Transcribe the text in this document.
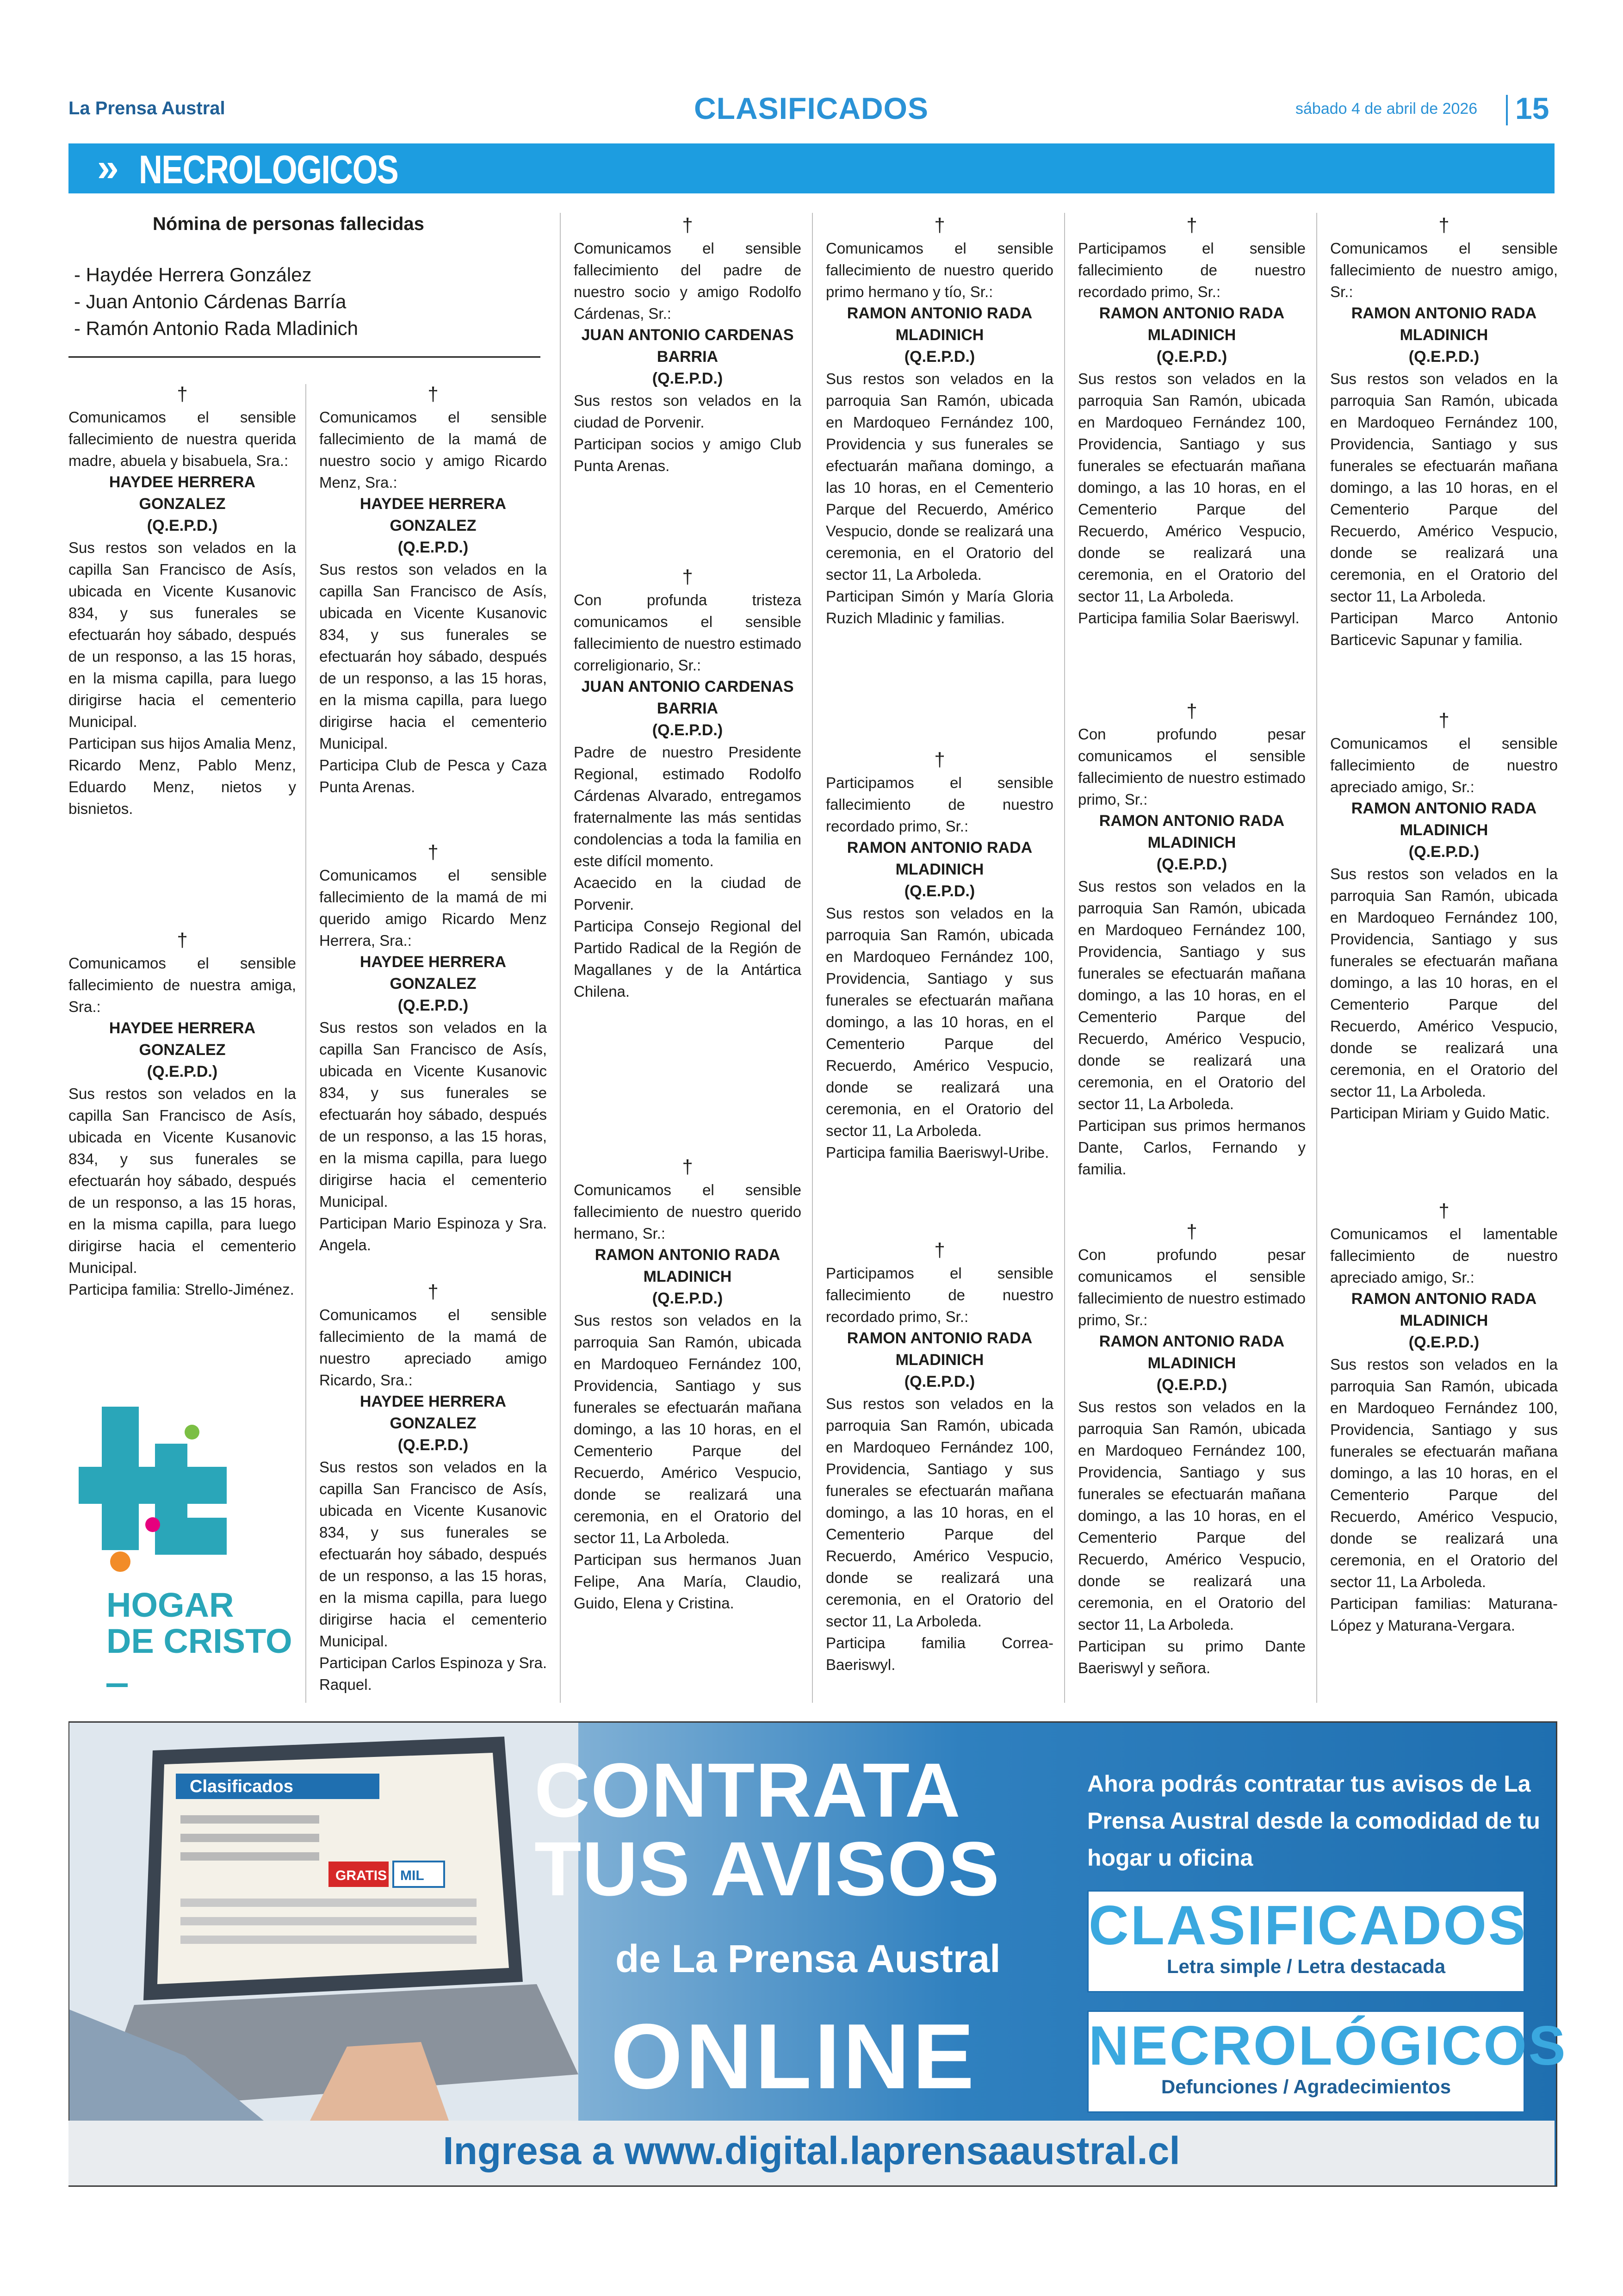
La Prensa Austral	CLASIFICADOS	sábado 4 de abril de 2026 15
» NECROLOGICOS
Nómina de personas fallecidas
- Haydée Herrera González
- Juan Antonio Cárdenas Barría
- Ramón Antonio Rada Mladinich
†

Comunicamos el sensible fallecimiento de nuestra querida madre, abuela y bisabuela, Sra.:

HAYDEE HERRERA GONZALEZ
(Q.E.P.D.)

Sus restos son velados en la capilla San Francisco de Asís, ubicada en Vicente Kusanovic 834, y sus funerales se efectuarán hoy sábado, después de un responso, a las 15 horas, en la misma capilla, para luego dirigirse hacia el cementerio Municipal.

Participan sus hijos Amalia Menz, Ricardo Menz, Pablo Menz, Eduardo Menz, nietos y bisnietos.

†

Comunicamos el sensible fallecimiento de nuestra amiga, Sra.:

HAYDEE HERRERA GONZALEZ
(Q.E.P.D.)

Sus restos son velados en la capilla San Francisco de Asís, ubicada en Vicente Kusanovic 834, y sus funerales se efectuarán hoy sábado, después de un responso, a las 15 horas, en la misma capilla, para luego dirigirse hacia el cementerio Municipal.

Participa familia: Strello-Jiménez.

HOGAR
DE CRISTO
†

Comunicamos el sensible fallecimiento de la mamá de nuestro socio y amigo Ricardo Menz, Sra.:

HAYDEE HERRERA GONZALEZ
(Q.E.P.D.)

Sus restos son velados en la capilla San Francisco de Asís, ubicada en Vicente Kusanovic 834, y sus funerales se efectuarán hoy sábado, después de un responso, a las 15 horas, en la misma capilla, para luego dirigirse hacia el cementerio Municipal.

Participa Club de Pesca y Caza Punta Arenas.

†

Comunicamos el sensible fallecimiento de la mamá de mi querido amigo Ricardo Menz Herrera, Sra.:

HAYDEE HERRERA GONZALEZ
(Q.E.P.D.)

Sus restos son velados en la capilla San Francisco de Asís, ubicada en Vicente Kusanovic 834, y sus funerales se efectuarán hoy sábado, después de un responso, a las 15 horas, en la misma capilla, para luego dirigirse hacia el cementerio Municipal.

Participan Mario Espinoza y Sra. Angela.

†

Comunicamos el sensible fallecimiento de la mamá de nuestro apreciado amigo Ricardo, Sra.:

HAYDEE HERRERA GONZALEZ
(Q.E.P.D.)

Sus restos son velados en la capilla San Francisco de Asís, ubicada en Vicente Kusanovic 834, y sus funerales se efectuarán hoy sábado, después de un responso, a las 15 horas, en la misma capilla, para luego dirigirse hacia el cementerio Municipal.

Participan Carlos Espinoza y Sra. Raquel.

†

Comunicamos el sensible fallecimiento del padre de nuestro socio y amigo Rodolfo Cárdenas, Sr.:

JUAN ANTONIO CARDENAS BARRIA
(Q.E.P.D.)

Sus restos son velados en la ciudad de Porvenir.

Participan socios y amigo Club Punta Arenas.

†

Con profunda tristeza comunicamos el sensible fallecimiento de nuestro estimado correligionario, Sr.:

JUAN ANTONIO CARDENAS BARRIA
(Q.E.P.D.)

Padre de nuestro Presidente Regional, estimado Rodolfo Cárdenas Alvarado, entregamos fraternalmente las más sentidas condolencias a toda la familia en este difícil momento.

Acaecido en la ciudad de Porvenir.

Participa Consejo Regional del Partido Radical de la Región de Magallanes y de la Antártica Chilena.

†

Comunicamos el sensible fallecimiento de nuestro querido hermano, Sr.:

RAMON ANTONIO RADA MLADINICH
(Q.E.P.D.)

Sus restos son velados en la parroquia San Ramón, ubicada en Mardoqueo Fernández 100, Providencia, Santiago y sus funerales se efectuarán mañana domingo, a las 10 horas, en el Cementerio Parque del Recuerdo, Américo Vespucio, donde se realizará una ceremonia, en el Oratorio del sector 11, La Arboleda.

Participan sus hermanos Juan Felipe, Ana María, Claudio, Guido, Elena y Cristina.

†

Comunicamos el sensible fallecimiento de nuestro querido primo hermano y tío, Sr.:

RAMON ANTONIO RADA MLADINICH
(Q.E.P.D.)

Sus restos son velados en la parroquia San Ramón, ubicada en Mardoqueo Fernández 100, Providencia y sus funerales se efectuarán mañana domingo, a las 10 horas, en el Cementerio Parque del Recuerdo, Américo Vespucio, donde se realizará una ceremonia, en el Oratorio del sector 11, La Arboleda.

Participan Simón y María Gloria Ruzich Mladinic y familias.

†

Participamos el sensible fallecimiento de nuestro recordado primo, Sr.:

RAMON ANTONIO RADA MLADINICH
(Q.E.P.D.)

Sus restos son velados en la parroquia San Ramón, ubicada en Mardoqueo Fernández 100, Providencia, Santiago y sus funerales se efectuarán mañana domingo, a las 10 horas, en el Cementerio Parque del Recuerdo, Américo Vespucio, donde se realizará una ceremonia, en el Oratorio del sector 11, La Arboleda.

Participa familia Baeriswyl-Uribe.

†

Participamos el sensible fallecimiento de nuestro recordado primo, Sr.:

RAMON ANTONIO RADA MLADINICH
(Q.E.P.D.)

Sus restos son velados en la parroquia San Ramón, ubicada en Mardoqueo Fernández 100, Providencia, Santiago y sus funerales se efectuarán mañana domingo, a las 10 horas, en el Cementerio Parque del Recuerdo, Américo Vespucio, donde se realizará una ceremonia, en el Oratorio del sector 11, La Arboleda.

Participa familia Correa-Baeriswyl.

†

Participamos el sensible fallecimiento de nuestro recordado primo, Sr.:

RAMON ANTONIO RADA MLADINICH
(Q.E.P.D.)

Sus restos son velados en la parroquia San Ramón, ubicada en Mardoqueo Fernández 100, Providencia, Santiago y sus funerales se efectuarán mañana domingo, a las 10 horas, en el Cementerio Parque del Recuerdo, Américo Vespucio, donde se realizará una ceremonia, en el Oratorio del sector 11, La Arboleda.

Participa familia Solar Baeriswyl.

†

Con profundo pesar comunicamos el sensible fallecimiento de nuestro estimado primo, Sr.:

RAMON ANTONIO RADA MLADINICH
(Q.E.P.D.)

Sus restos son velados en la parroquia San Ramón, ubicada en Mardoqueo Fernández 100, Providencia, Santiago y sus funerales se efectuarán mañana domingo, a las 10 horas, en el Cementerio Parque del Recuerdo, Américo Vespucio, donde se realizará una ceremonia, en el Oratorio del sector 11, La Arboleda.

Participan sus primos hermanos Dante, Carlos, Fernando y familia.

†

Con profundo pesar comunicamos el sensible fallecimiento de nuestro estimado primo, Sr.:

RAMON ANTONIO RADA MLADINICH
(Q.E.P.D.)

Sus restos son velados en la parroquia San Ramón, ubicada en Mardoqueo Fernández 100, Providencia, Santiago y sus funerales se efectuarán mañana domingo, a las 10 horas, en el Cementerio Parque del Recuerdo, Américo Vespucio, donde se realizará una ceremonia, en el Oratorio del sector 11, La Arboleda.

Participan su primo Dante Baeriswyl y señora.

†

Comunicamos el sensible fallecimiento de nuestro amigo, Sr.:

RAMON ANTONIO RADA MLADINICH
(Q.E.P.D.)

Sus restos son velados en la parroquia San Ramón, ubicada en Mardoqueo Fernández 100, Providencia, Santiago y sus funerales se efectuarán mañana domingo, a las 10 horas, en el Cementerio Parque del Recuerdo, Américo Vespucio, donde se realizará una ceremonia, en el Oratorio del sector 11, La Arboleda.

Participan Marco Antonio Barticevic Sapunar y familia.

†

Comunicamos el sensible fallecimiento de nuestro apreciado amigo, Sr.:

RAMON ANTONIO RADA MLADINICH
(Q.E.P.D.)

Sus restos son velados en la parroquia San Ramón, ubicada en Mardoqueo Fernández 100, Providencia, Santiago y sus funerales se efectuarán mañana domingo, a las 10 horas, en el Cementerio Parque del Recuerdo, Américo Vespucio, donde se realizará una ceremonia, en el Oratorio del sector 11, La Arboleda.

Participan Miriam y Guido Matic.

†

Comunicamos el lamentable fallecimiento de nuestro apreciado amigo, Sr.:

RAMON ANTONIO RADA MLADINICH
(Q.E.P.D.)

Sus restos son velados en la parroquia San Ramón, ubicada en Mardoqueo Fernández 100, Providencia, Santiago y sus funerales se efectuarán mañana domingo, a las 10 horas, en el Cementerio Parque del Recuerdo, Américo Vespucio, donde se realizará una ceremonia, en el Oratorio del sector 11, La Arboleda.

Participan familias: Maturana- López y Maturana-Vergara.

Clasificados
GRATIS MIL
CONTRATA
TUS AVISOS
de La Prensa Austral
ONLINE
Ahora podrás contratar tus avisos de La Prensa Austral desde la comodidad de tu hogar u oficina
CLASIFICADOS
Letra simple / Letra destacada
NECROLÓGICOS
Defunciones / Agradecimientos
Ingresa a www.digital.laprensaaustral.cl
